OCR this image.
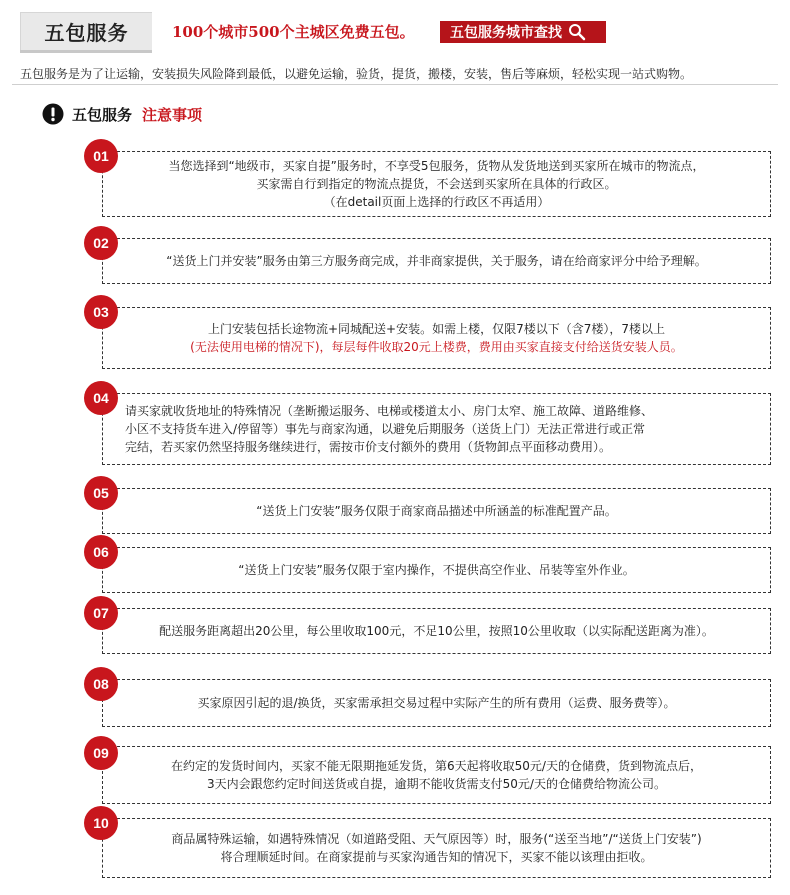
五包服务	100个城市500个主城区免费五包。	五包服务城市查找
五包服务是为了让运输，安装损失风险降到最低，以避免运输，验货，提货，搬楼，安装，售后等麻烦，轻松实现一站式购物。
五包服务 注意事项
01
当您选择到“地级市，买家自提”服务时，不享受5包服务，货物从发货地送到买家所在城市的物流点，
买家需自行到指定的物流点提货，不会送到买家所在具体的行政区。
（在detail页面上选择的行政区不再适用）
02
“送货上门并安装”服务由第三方服务商完成，并非商家提供，关于服务，请在给商家评分中给予理解。
03
上门安装包括长途物流+同城配送+安装。如需上楼，仅限7楼以下（含7楼），7楼以上
(无法使用电梯的情况下)，每层每件收取20元上楼费，费用由买家直接支付给送货安装人员。
04
请买家就收货地址的特殊情况（垄断搬运服务、电梯或楼道太小、房门太窄、施工故障、道路维修、
小区不支持货车进入/停留等）事先与商家沟通，以避免后期服务（送货上门）无法正常进行或正常
完结，若买家仍然坚持服务继续进行，需按市价支付额外的费用（货物卸点平面移动费用）。
05
“送货上门安装”服务仅限于商家商品描述中所涵盖的标准配置产品。
06
“送货上门安装”服务仅限于室内操作，不提供高空作业、吊装等室外作业。
07
配送服务距离超出20公里，每公里收取100元，不足10公里，按照10公里收取（以实际配送距离为准）。
08
买家原因引起的退/换货，买家需承担交易过程中实际产生的所有费用（运费、服务费等）。
09
在约定的发货时间内，买家不能无限期拖延发货，第6天起将收取50元/天的仓储费，货到物流点后，
3天内会跟您约定时间送货或自提，逾期不能收货需支付50元/天的仓储费给物流公司。
10
商品属特殊运输，如遇特殊情况（如道路受阻、天气原因等）时，服务(“送至当地”/“送货上门安装”)
将合理顺延时间。在商家提前与买家沟通告知的情况下，买家不能以该理由拒收。
